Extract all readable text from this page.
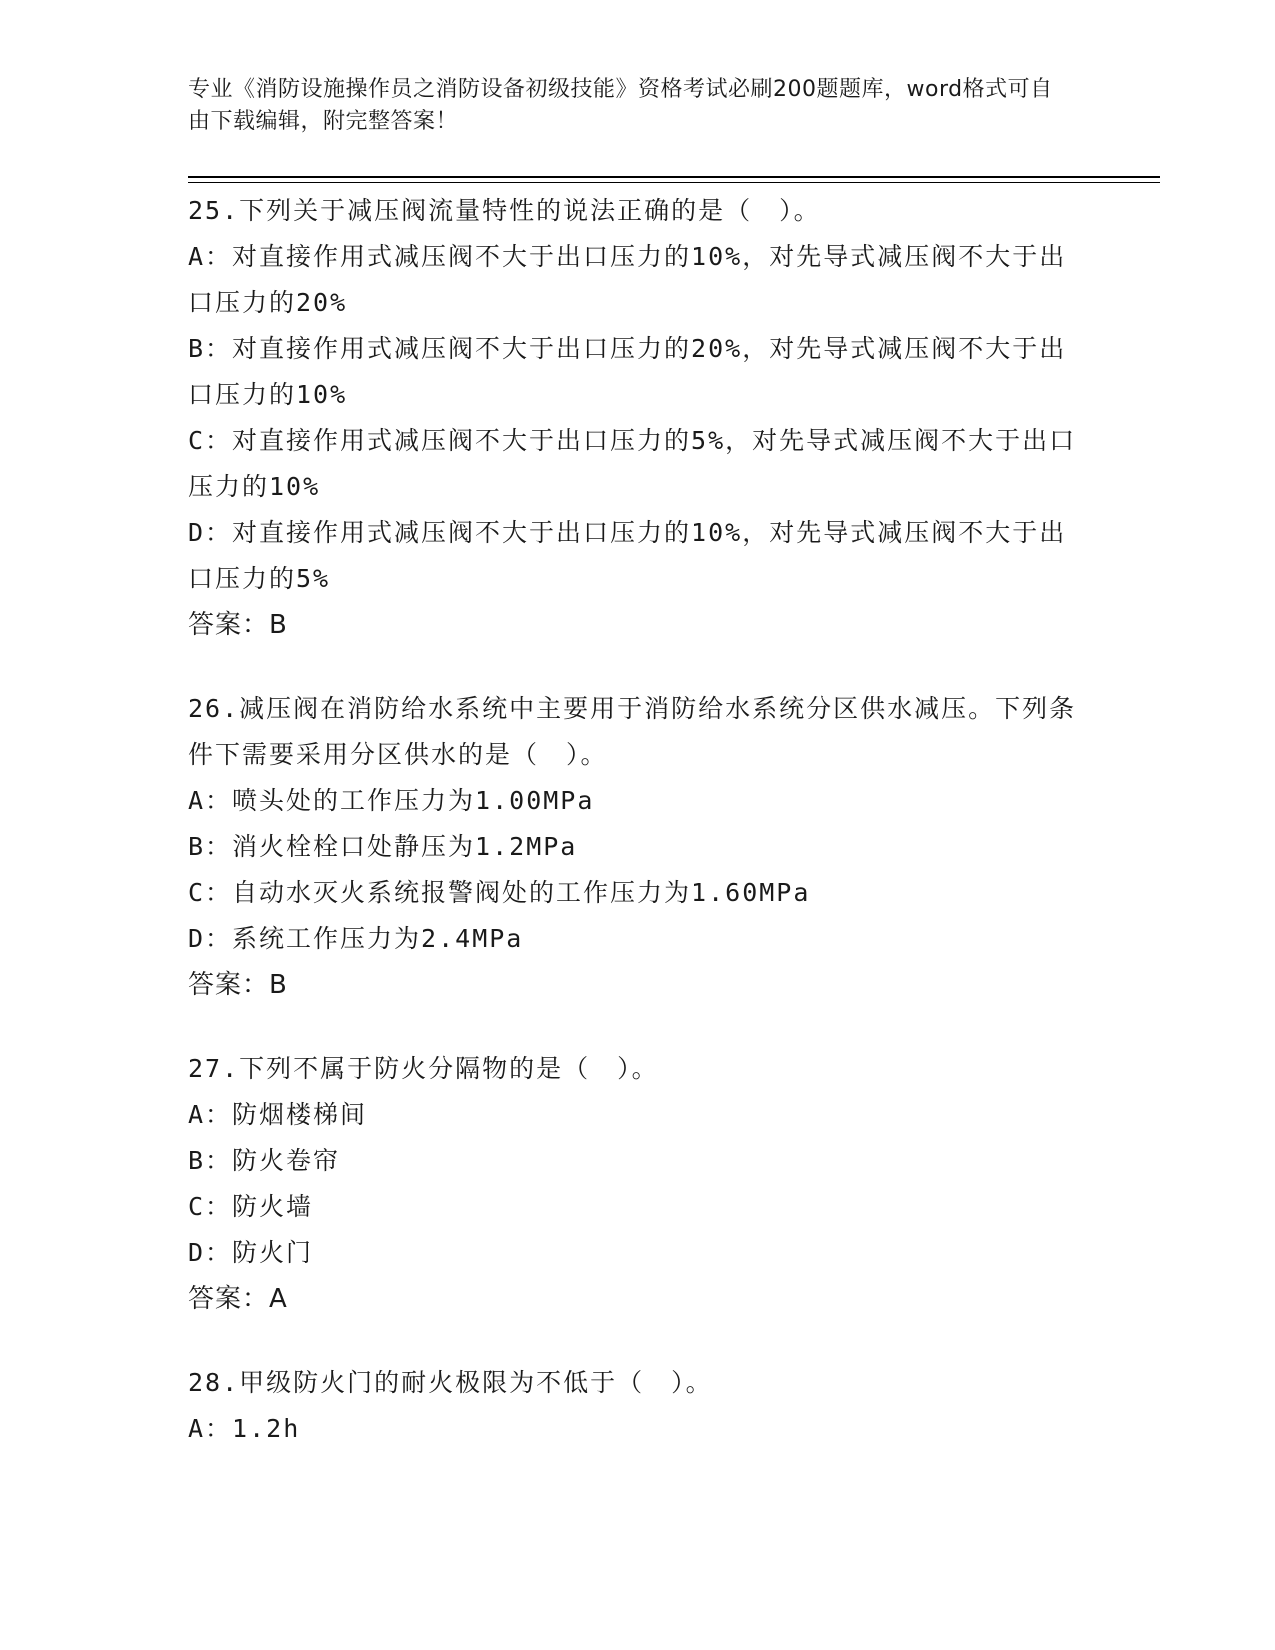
专业《消防设施操作员之消防设备初级技能》资格考试必刷200题题库，word格式可自由下载编辑，附完整答案！
25.下列关于减压阀流量特性的说法正确的是（　）。
A：对直接作用式减压阀不大于出口压力的10%，对先导式减压阀不大于出口压力的20%
B：对直接作用式减压阀不大于出口压力的20%，对先导式减压阀不大于出口压力的10%
C：对直接作用式减压阀不大于出口压力的5%，对先导式减压阀不大于出口压力的10%
D：对直接作用式减压阀不大于出口压力的10%，对先导式减压阀不大于出口压力的5%
答案：B
26.减压阀在消防给水系统中主要用于消防给水系统分区供水减压。下列条件下需要采用分区供水的是（　）。
A：喷头处的工作压力为1.00MPa
B：消火栓栓口处静压为1.2MPa
C：自动水灭火系统报警阀处的工作压力为1.60MPa
D：系统工作压力为2.4MPa
答案：B
27.下列不属于防火分隔物的是（　）。
A：防烟楼梯间
B：防火卷帘
C：防火墙
D：防火门
答案：A
28.甲级防火门的耐火极限为不低于（　）。
A：1.2h
